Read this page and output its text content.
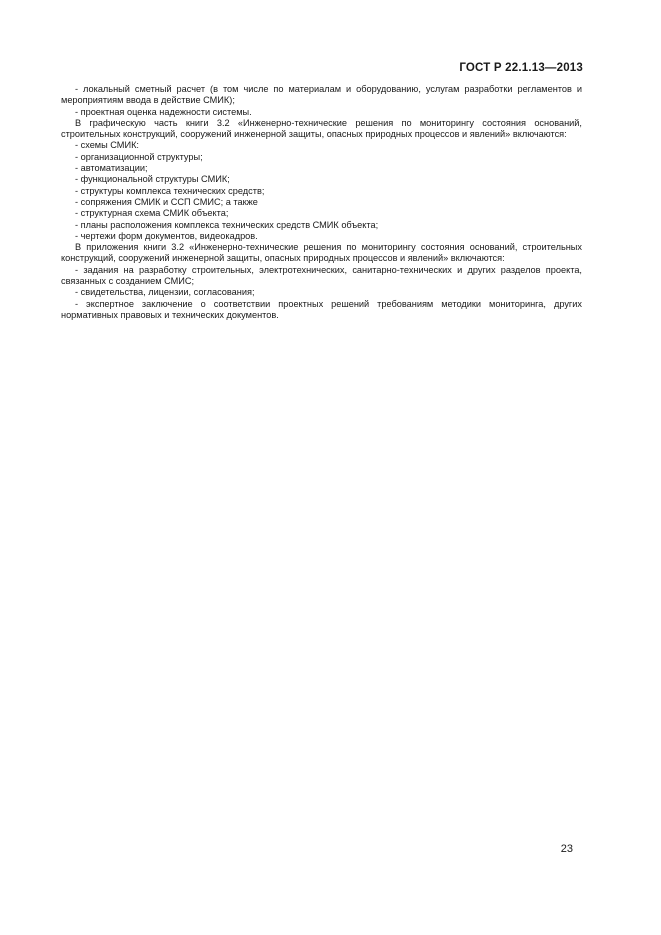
ГОСТ Р 22.1.13—2013

- локальный сметный расчет (в том числе по материалам и оборудованию, услугам разработки регламентов и мероприятиям ввода в действие СМИК);

- проектная оценка надежности системы.

В графическую часть книги 3.2 «Инженерно-технические решения по мониторингу состояния оснований, строительных конструкций, сооружений инженерной защиты, опасных природных процессов и явлений» включаются:

- схемы СМИК:

- организационной структуры;

- автоматизации;

- функциональной структуры СМИК;

- структуры комплекса технических средств;

- сопряжения СМИК и ССП СМИС; а также

- структурная схема СМИК объекта;

- планы расположения комплекса технических средств СМИК объекта;

- чертежи форм документов, видеокадров.

В приложения книги 3.2 «Инженерно-технические решения по мониторингу состояния оснований, строительных конструкций, сооружений инженерной защиты, опасных природных процессов и явлений» включаются:

- задания на разработку строительных, электротехнических, санитарно-технических и других разделов проекта, связанных с созданием СМИС;

- свидетельства, лицензии, согласования;

- экспертное заключение о соответствии проектных решений требованиям методики мониторинга, других нормативных правовых и технических документов.

23
